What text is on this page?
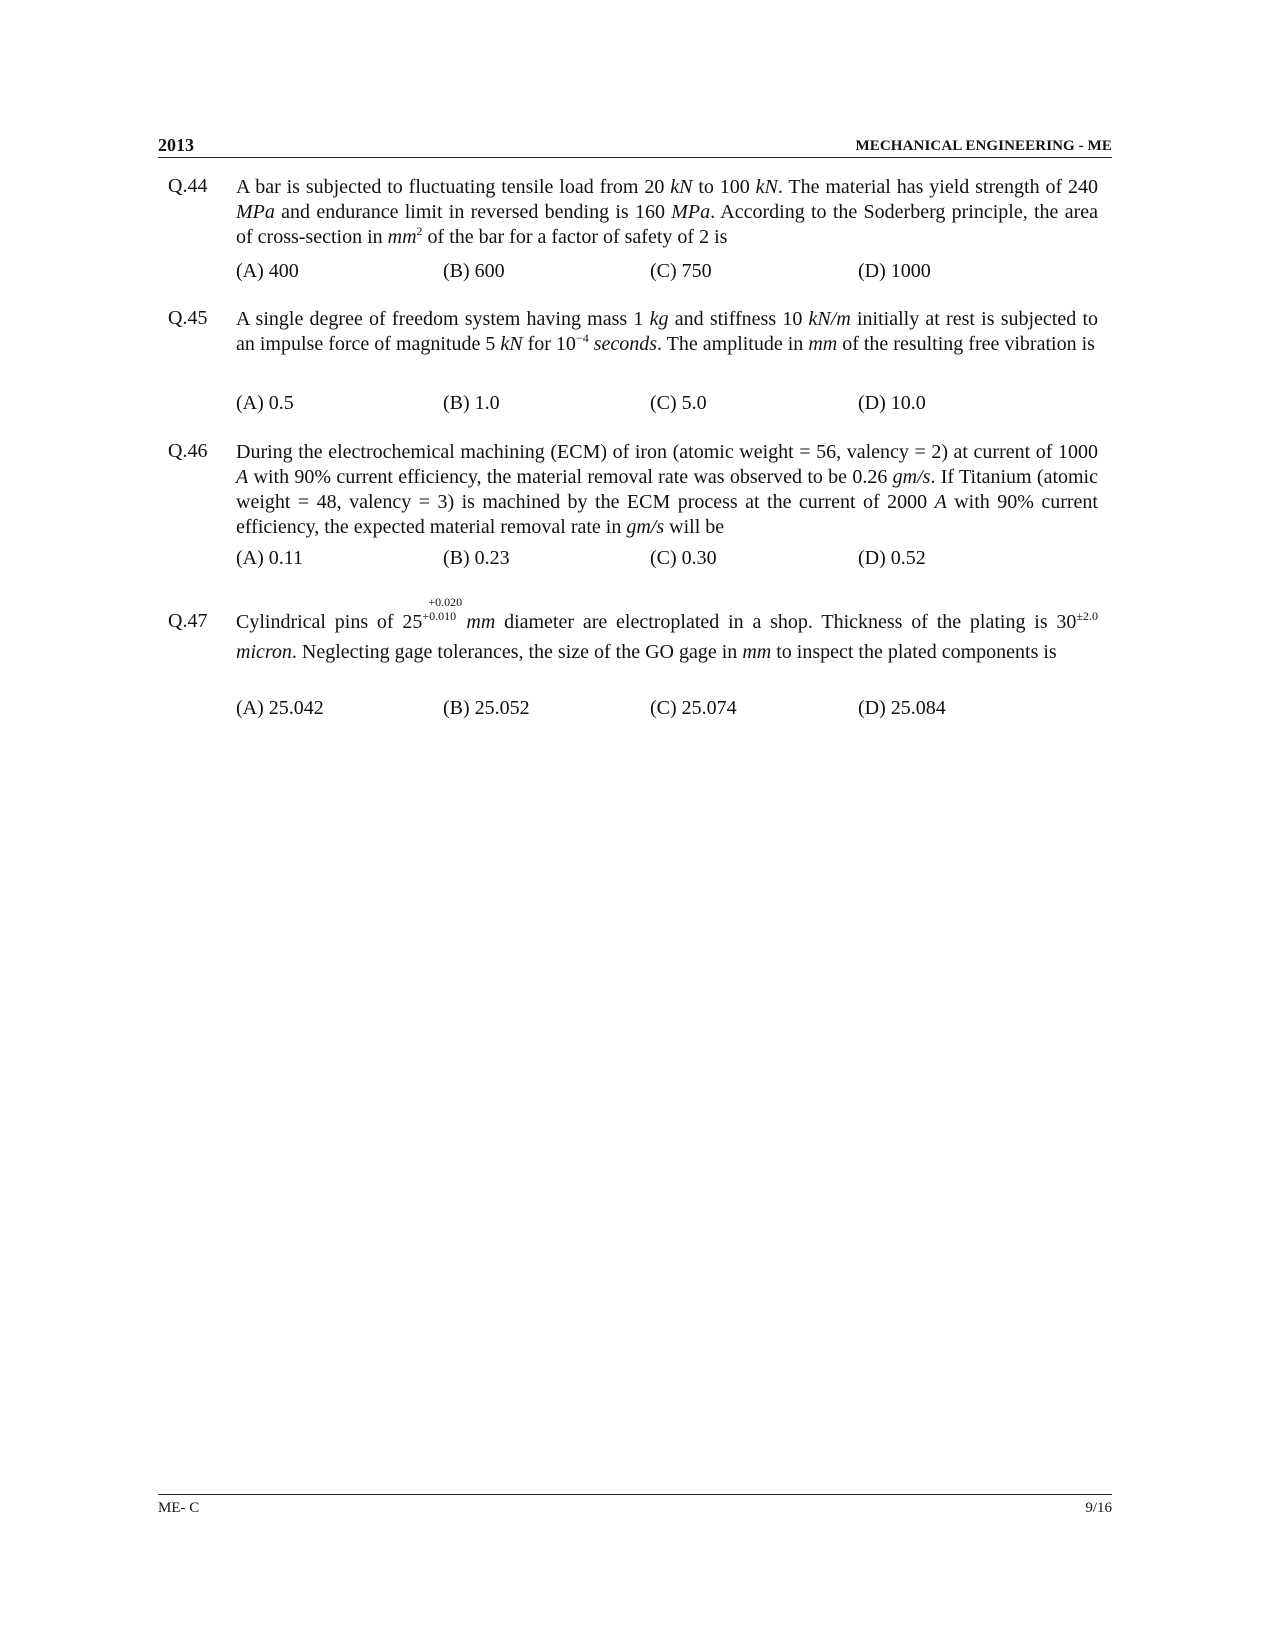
2013	MECHANICAL ENGINEERING - ME
Q.44 A bar is subjected to fluctuating tensile load from 20 kN to 100 kN. The material has yield strength of 240 MPa and endurance limit in reversed bending is 160 MPa. According to the Soderberg principle, the area of cross-section in $mm^2$ of the bar for a factor of safety of 2 is
(A) 400	(B) 600	(C) 750	(D) 1000
Q.45 A single degree of freedom system having mass 1 kg and stiffness 10 kN/m initially at rest is subjected to an impulse force of magnitude 5 kN for $10^{-4}$ seconds. The amplitude in mm of the resulting free vibration is
(A) 0.5	(B) 1.0	(C) 5.0	(D) 10.0
Q.46 During the electrochemical machining (ECM) of iron (atomic weight = 56, valency = 2) at current of 1000 A with 90% current efficiency, the material removal rate was observed to be 0.26 gm/s. If Titanium (atomic weight = 48, valency = 3) is machined by the ECM process at the current of 2000 A with 90% current efficiency, the expected material removal rate in gm/s will be
(A) 0.11	(B) 0.23	(C) 0.30	(D) 0.52
Q.47 Cylindrical pins of 25
+0.020
+0.010 mm diameter are electroplated in a shop. Thickness of the plating is $30^{\pm 2.0}$ micron. Neglecting gage tolerances, the size of the GO gage in mm to inspect the plated components is
(A) 25.042	(B) 25.052	(C) 25.074	(D) 25.084
ME- C	9/16
